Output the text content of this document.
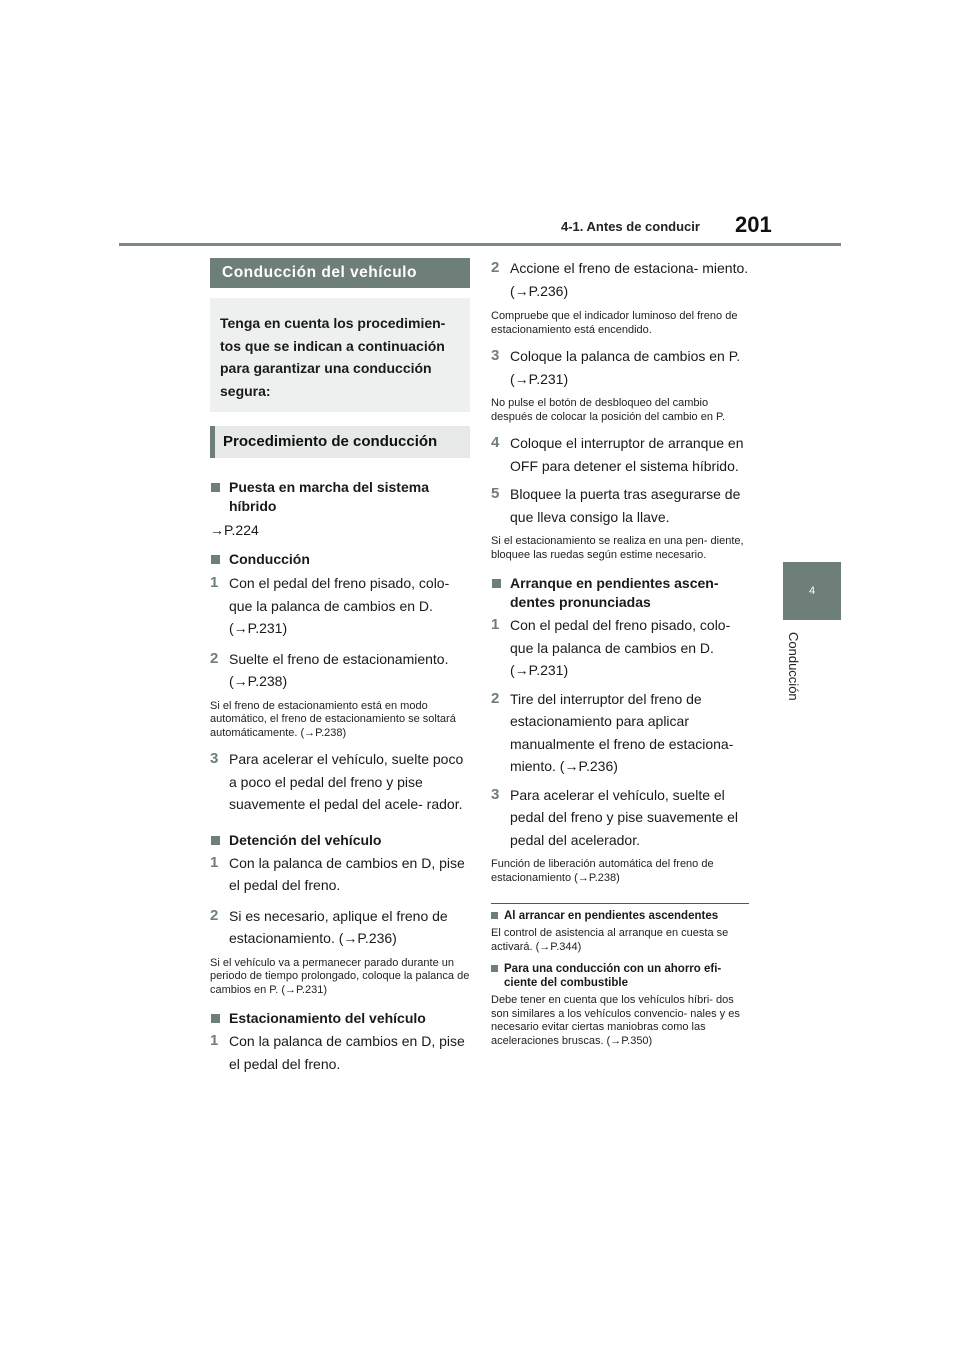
4-1. Antes de conducir 201
4
Conducción
Conducción del vehículo
Tenga en cuenta los procedimien- tos que se indican a continuación para garantizar una conducción segura:
Procedimiento de conducción
Puesta en marcha del sistema híbrido
→P.224
Conducción
1 Con el pedal del freno pisado, colo- que la palanca de cambios en D. (→P.231)
2 Suelte el freno de estacionamiento. (→P.238)
Si el freno de estacionamiento está en modo automático, el freno de estacionamiento se soltará automáticamente. (→P.238)
3 Para acelerar el vehículo, suelte poco a poco el pedal del freno y pise suavemente el pedal del acele- rador.
Detención del vehículo
1 Con la palanca de cambios en D, pise el pedal del freno.
2 Si es necesario, aplique el freno de estacionamiento. (→P.236)
Si el vehículo va a permanecer parado durante un periodo de tiempo prolongado, coloque la palanca de cambios en P. (→P.231)
Estacionamiento del vehículo
1 Con la palanca de cambios en D, pise el pedal del freno.
2 Accione el freno de estaciona- miento. (→P.236)
Compruebe que el indicador luminoso del freno de estacionamiento está encendido.
3 Coloque la palanca de cambios en P. (→P.231)
No pulse el botón de desbloqueo del cambio después de colocar la posición del cambio en P.
4 Coloque el interruptor de arranque en OFF para detener el sistema híbrido.
5 Bloquee la puerta tras asegurarse de que lleva consigo la llave.
Si el estacionamiento se realiza en una pen- diente, bloquee las ruedas según estime necesario.
Arranque en pendientes ascen- dentes pronunciadas
1 Con el pedal del freno pisado, colo- que la palanca de cambios en D. (→P.231)
2 Tire del interruptor del freno de estacionamiento para aplicar manualmente el freno de estaciona- miento. (→P.236)
3 Para acelerar el vehículo, suelte el pedal del freno y pise suavemente el pedal del acelerador.
Función de liberación automática del freno de estacionamiento (→P.238)
Al arrancar en pendientes ascendentes
El control de asistencia al arranque en cuesta se activará. (→P.344)
Para una conducción con un ahorro efi- ciente del combustible
Debe tener en cuenta que los vehículos híbri- dos son similares a los vehículos convencio- nales y es necesario evitar ciertas maniobras como las aceleraciones bruscas. (→P.350)
